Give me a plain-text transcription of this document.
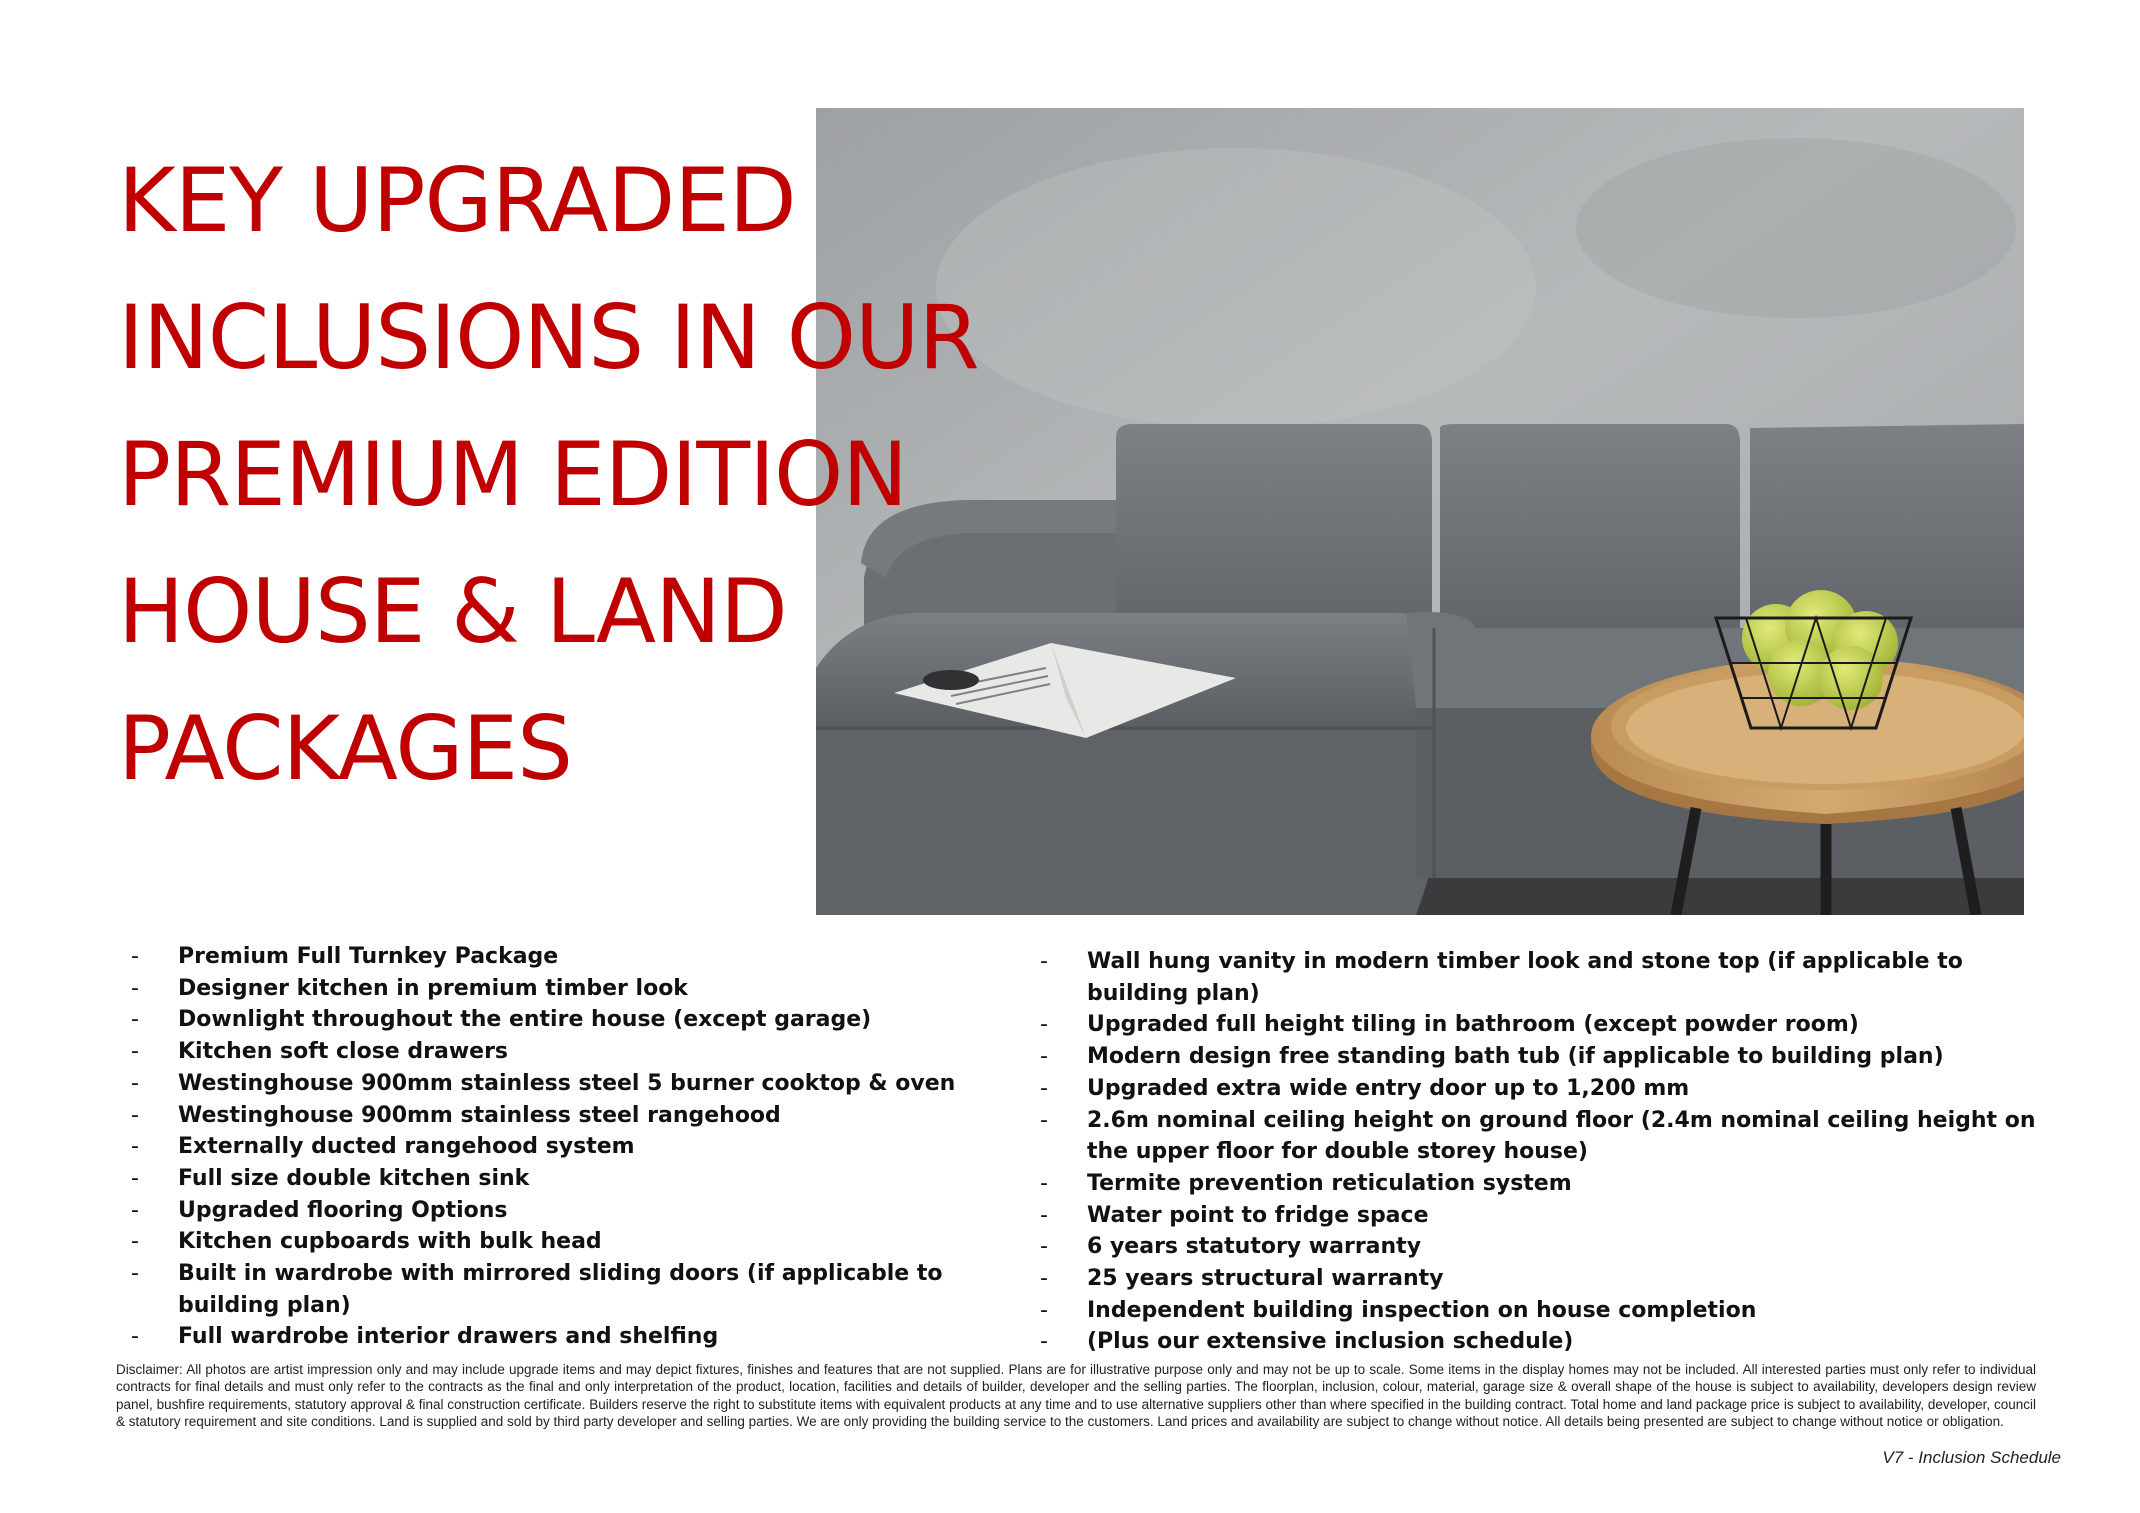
KEY UPGRADED
INCLUSIONS IN OUR
PREMIUM EDITION
HOUSE & LAND
PACKAGES
- Premium Full Turnkey Package
- Designer kitchen in premium timber look
- Downlight throughout the entire house (except garage)
- Kitchen soft close drawers
- Westinghouse 900mm stainless steel 5 burner cooktop & oven
- Westinghouse 900mm stainless steel rangehood
- Externally ducted rangehood system
- Full size double kitchen sink
- Upgraded flooring Options
- Kitchen cupboards with bulk head
- Built in wardrobe with mirrored sliding doors (if applicable to building plan)
- Full wardrobe interior drawers and shelfing
- Wall hung vanity in modern timber look and stone top (if applicable to building plan)
- Upgraded full height tiling in bathroom (except powder room)
- Modern design free standing bath tub (if applicable to building plan)
- Upgraded extra wide entry door up to 1,200 mm
- 2.6m nominal ceiling height on ground floor (2.4m nominal ceiling height on the upper floor for double storey house)
- Termite prevention reticulation system
- Water point to fridge space
- 6 years statutory warranty
- 25 years structural warranty
- Independent building inspection on house completion
- (Plus our extensive inclusion schedule)

Disclaimer: All photos are artist impression only and may include upgrade items and may depict fixtures, finishes and features that are not supplied. Plans are for illustrative purpose only and may not be up to scale. Some items in the display homes may not be included. All interested parties must only refer to individual contracts for final details and must only refer to the contracts as the final and only interpretation of the product, location, facilities and details of builder, developer and the selling parties. The floorplan, inclusion, colour, material, garage size & overall shape of the house is subject to availability, developers design review panel, bushfire requirements, statutory approval & final construction certificate. Builders reserve the right to substitute items with equivalent products at any time and to use alternative suppliers other than where specified in the building contract. Total home and land package price is subject to availability, developer, council & statutory requirement and site conditions. Land is supplied and sold by third party developer and selling parties. We are only providing the building service to the customers. Land prices and availability are subject to change without notice. All details being presented are subject to change without notice or obligation.

V7 - Inclusion Schedule
